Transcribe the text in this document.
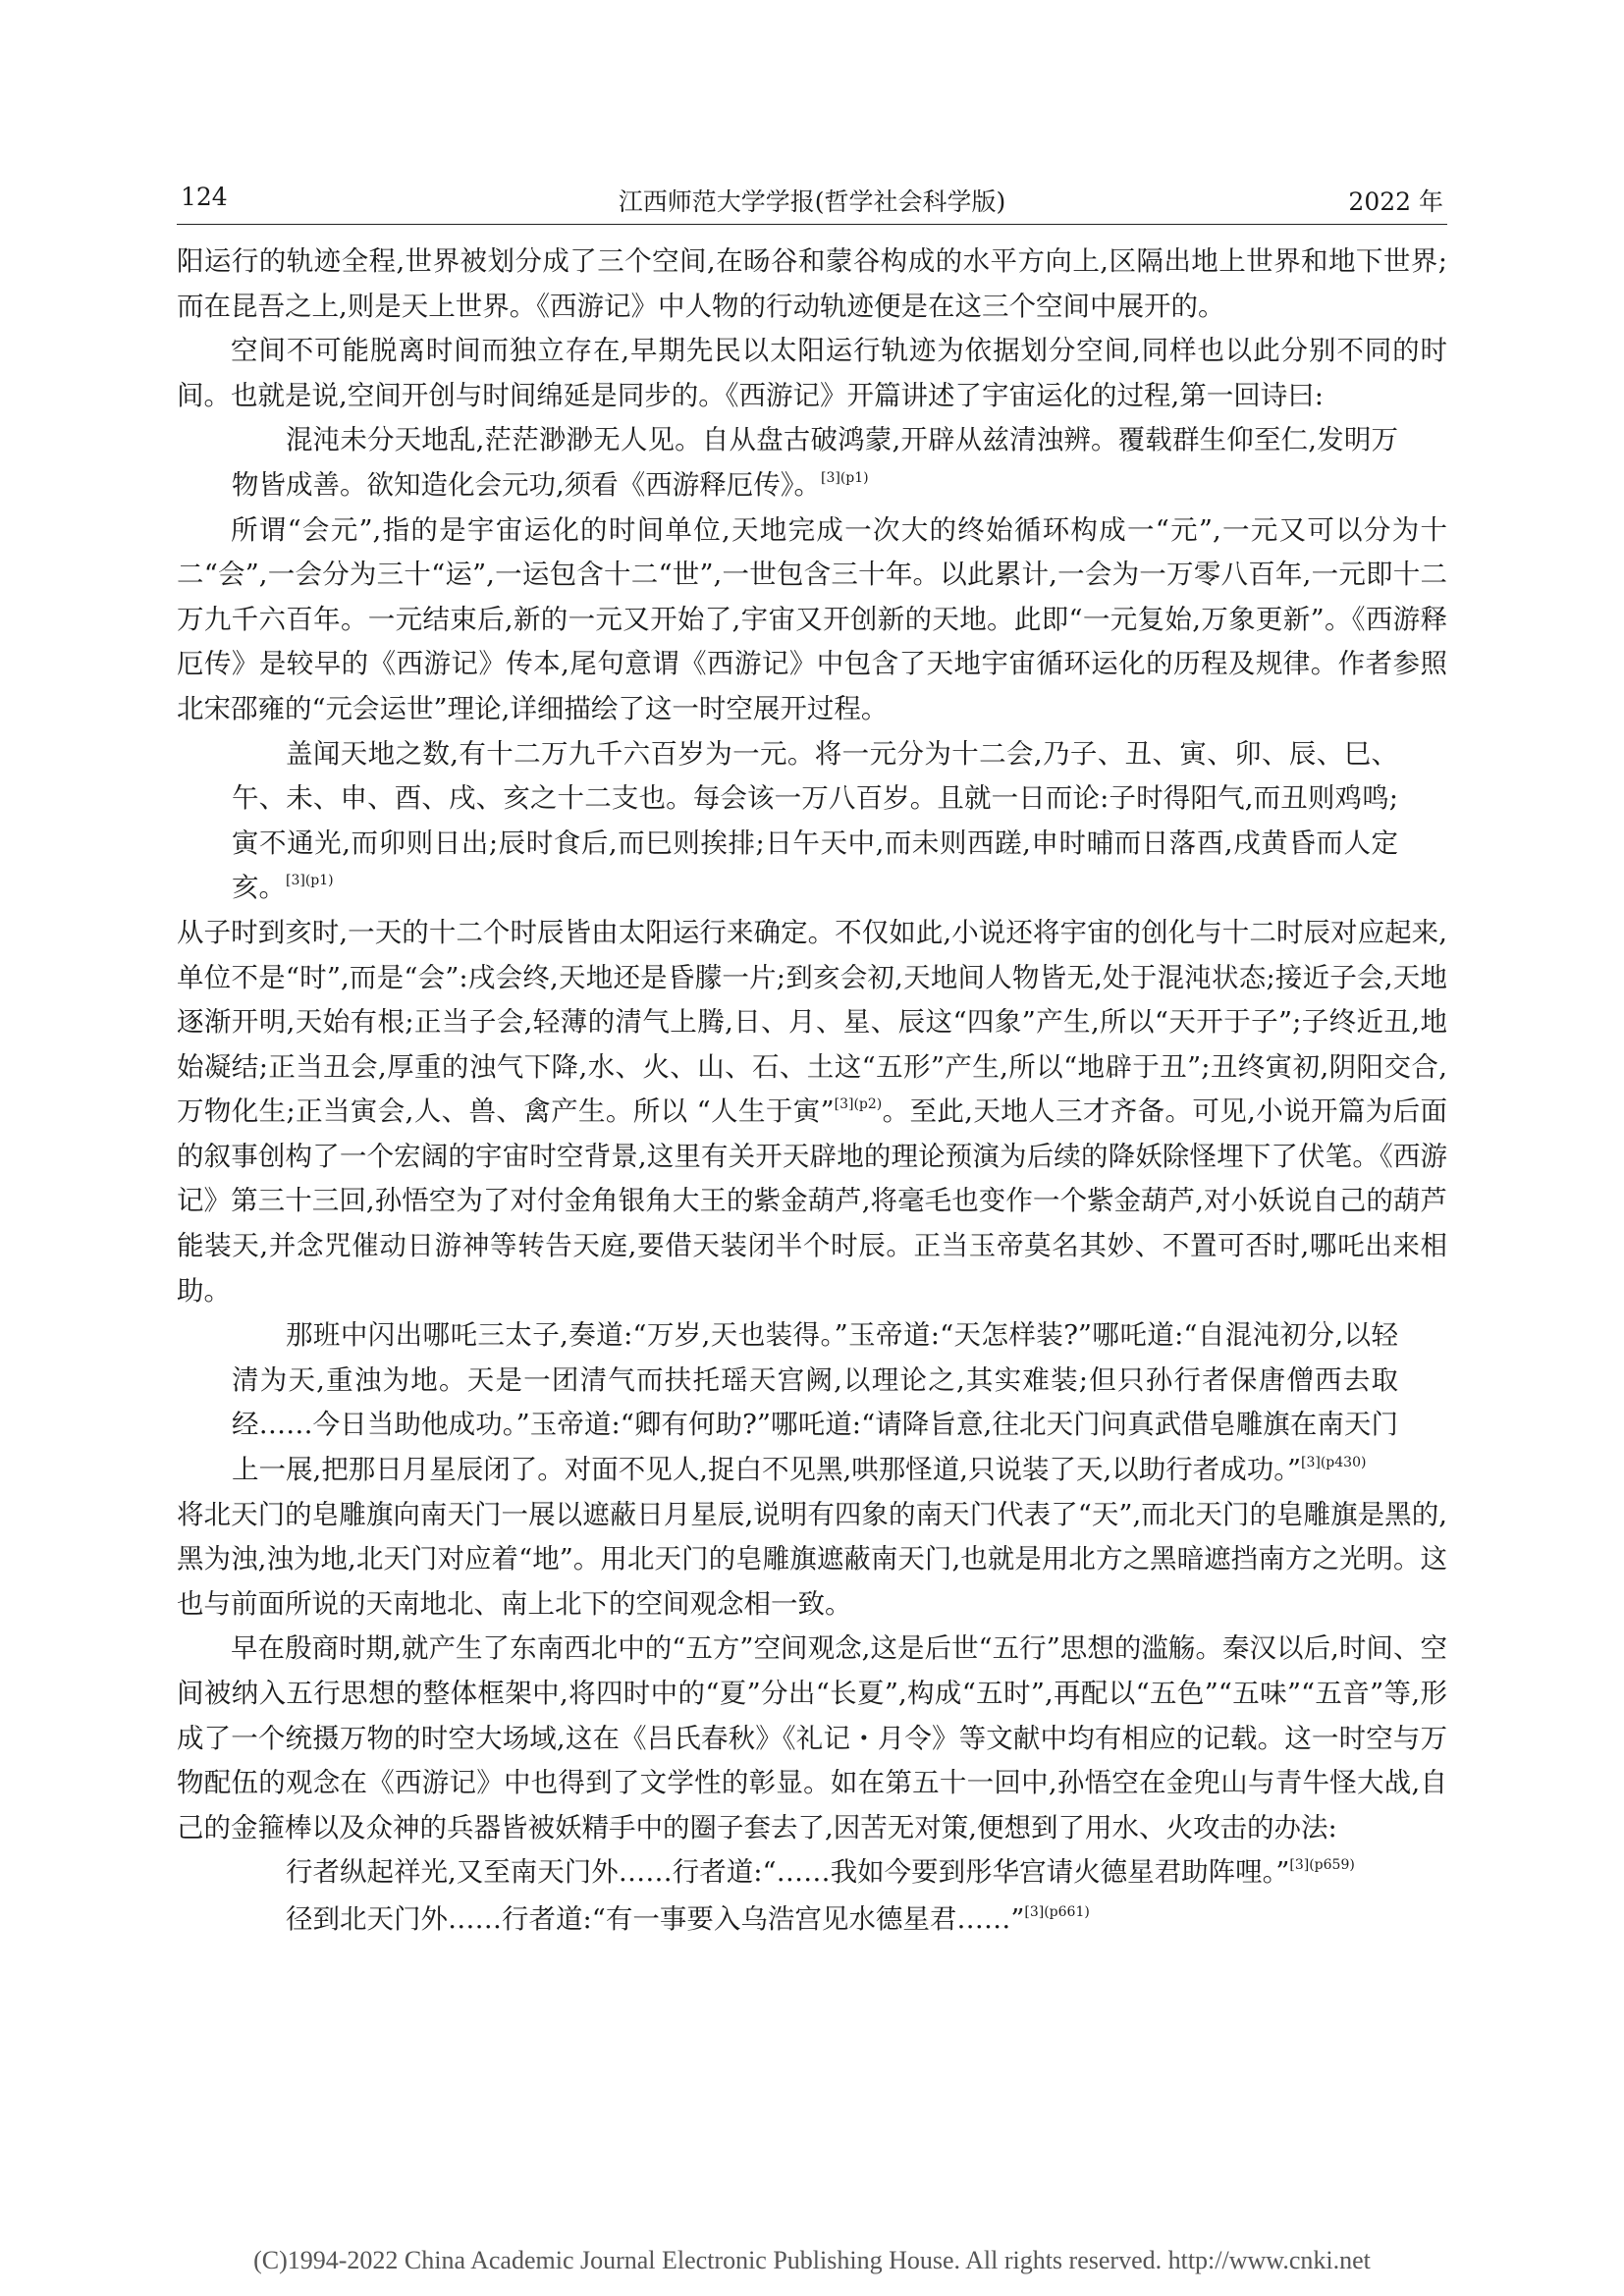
124	江西师范大学学报(哲学社会科学版)	2022 年

阳运行的轨迹全程,世界被划分成了三个空间,在旸谷和蒙谷构成的水平方向上,区隔出地上世界和地下世界;而在昆吾之上,则是天上世界。《西游记》中人物的行动轨迹便是在这三个空间中展开的。

空间不可能脱离时间而独立存在,早期先民以太阳运行轨迹为依据划分空间,同样也以此分别不同的时间。也就是说,空间开创与时间绵延是同步的。《西游记》开篇讲述了宇宙运化的过程,第一回诗曰:

混沌未分天地乱,茫茫渺渺无人见。自从盘古破鸿蒙,开辟从兹清浊辨。覆载群生仰至仁,发明万物皆成善。欲知造化会元功,须看《西游释厄传》。$^{[3](p1)}$

所谓“会元”,指的是宇宙运化的时间单位,天地完成一次大的终始循环构成一“元”,一元又可以分为十二“会”,一会分为三十“运”,一运包含十二“世”,一世包含三十年。以此累计,一会为一万零八百年,一元即十二万九千六百年。一元结束后,新的一元又开始了,宇宙又开创新的天地。此即“一元复始,万象更新”。《西游释厄传》是较早的《西游记》传本,尾句意谓《西游记》中包含了天地宇宙循环运化的历程及规律。作者参照北宋邵雍的“元会运世”理论,详细描绘了这一时空展开过程。

盖闻天地之数,有十二万九千六百岁为一元。将一元分为十二会,乃子、丑、寅、卯、辰、巳、午、未、申、酉、戌、亥之十二支也。每会该一万八百岁。且就一日而论:子时得阳气,而丑则鸡鸣;寅不通光,而卯则日出;辰时食后,而巳则挨排;日午天中,而未则西蹉,申时晡而日落酉,戌黄昏而人定亥。$^{[3](p1)}$

从子时到亥时,一天的十二个时辰皆由太阳运行来确定。不仅如此,小说还将宇宙的创化与十二时辰对应起来,单位不是“时”,而是“会”:戌会终,天地还是昏朦一片;到亥会初,天地间人物皆无,处于混沌状态;接近子会,天地逐渐开明,天始有根;正当子会,轻薄的清气上腾,日、月、星、辰这“四象”产生,所以“天开于子”;子终近丑,地始凝结;正当丑会,厚重的浊气下降,水、火、山、石、土这“五形”产生,所以“地辟于丑”;丑终寅初,阴阳交合,万物化生;正当寅会,人、兽、禽产生。所以 “人生于寅”$^{[3](p2)}$。至此,天地人三才齐备。可见,小说开篇为后面的叙事创构了一个宏阔的宇宙时空背景,这里有关开天辟地的理论预演为后续的降妖除怪埋下了伏笔。《西游记》第三十三回,孙悟空为了对付金角银角大王的紫金葫芦,将毫毛也变作一个紫金葫芦,对小妖说自己的葫芦能装天,并念咒催动日游神等转告天庭,要借天装闭半个时辰。正当玉帝莫名其妙、不置可否时,哪吒出来相助。

那班中闪出哪吒三太子,奏道:“万岁,天也装得。”玉帝道:“天怎样装?”哪吒道:“自混沌初分,以轻清为天,重浊为地。天是一团清气而扶托瑶天宫阙,以理论之,其实难装;但只孙行者保唐僧西去取经……今日当助他成功。”玉帝道:“卿有何助?”哪吒道:“请降旨意,往北天门问真武借皂雕旗在南天门上一展,把那日月星辰闭了。对面不见人,捉白不见黑,哄那怪道,只说装了天,以助行者成功。”$^{[3](p430)}$

将北天门的皂雕旗向南天门一展以遮蔽日月星辰,说明有四象的南天门代表了“天”,而北天门的皂雕旗是黑的,黑为浊,浊为地,北天门对应着“地”。用北天门的皂雕旗遮蔽南天门,也就是用北方之黑暗遮挡南方之光明。这也与前面所说的天南地北、南上北下的空间观念相一致。

早在殷商时期,就产生了东南西北中的“五方”空间观念,这是后世“五行”思想的滥觞。秦汉以后,时间、空间被纳入五行思想的整体框架中,将四时中的“夏”分出“长夏”,构成“五时”,再配以“五色”“五味”“五音”等,形成了一个统摄万物的时空大场域,这在《吕氏春秋》《礼记・月令》等文献中均有相应的记载。这一时空与万物配伍的观念在《西游记》中也得到了文学性的彰显。如在第五十一回中,孙悟空在金兜山与青牛怪大战,自己的金箍棒以及众神的兵器皆被妖精手中的圈子套去了,因苦无对策,便想到了用水、火攻击的办法:

行者纵起祥光,又至南天门外……行者道:“……我如今要到彤华宫请火德星君助阵哩。”$^{[3](p659)}$

径到北天门外……行者道:“有一事要入乌浩宫见水德星君……”$^{[3](p661)}$

(C)1994-2022 China Academic Journal Electronic Publishing House. All rights reserved. http://www.cnki.net
